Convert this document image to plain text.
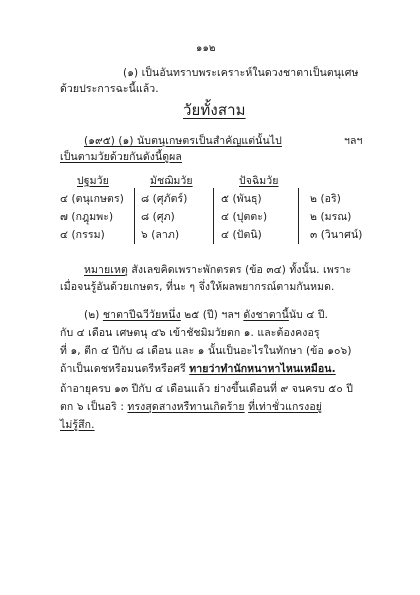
๑๑๒
(๑) เป็นอันทราบพระเคราะห์ในดวงชาตาเป็นตนุเศษ
ด้วยประการฉะนี้แล้ว.
วัยทั้งสาม
(๑๙๕) (๑) นับตนุเกษตรเป็นสำคัญแต่นั้นไป	ฯลฯ
เป็นตามวัยด้วยกันดังนี้ดูผล
ปฐมวัย	มัชฌิมวัย	ปัจฉิมวัย
๔ (ตนุเกษตร) ๘ (ศุภัตร์)	๕ (พันธุ)	๒ (อริ)
๗ (กฎุมพะ)	๘ (ศุภ)	๔ (ปุตตะ)	๒ (มรณ)
๔ (กรรม)	๖ (ลาภ)	๔ (ปัตนิ)	๓ (วินาศน์)
หมายเหตุ สังเลขคิดเพราะพักตรตร (ข้อ ๓๔) ทั้งนั้น. เพราะ
เมื่อจนรู้อันด้วยเกษตร, ที่นะ ๆ จึ่งให้ผลพยากรณ์ตามกันหมด.
(๒) ชาตาปีฉวีวัยหนึ่ง ๒๕ (ปี) ฯลฯ ดังชาตานี้นับ ๔ ปี.
กับ ๔ เดือน เศษตนุ ๔๖ เข้าชัชมิมวัยตก ๑. และต้องคงอรุ
ที่ ๑, ตีก ๔ ปีกับ ๘ เดือน และ ๑ นั้นเป็นอะไรในทักษา (ข้อ ๑๐๖)
ถ้าเป็นเดชหรือมนตรีหรือศรี ทายว่าทำนักหนาหาไหนเหมือน.
ถ้าอายุครบ ๑๓ ปีกับ ๔ เดือนแล้ว ย่างขึ้นเดือนที่ ๙ จนครบ ๕๐ ปี
ตก ๖ เป็นอริ : ทรงสุดสางหรืทานเกิดร้าย ที่เท่าชั่วแกรงอยู่
ไม่รู้สึก.
